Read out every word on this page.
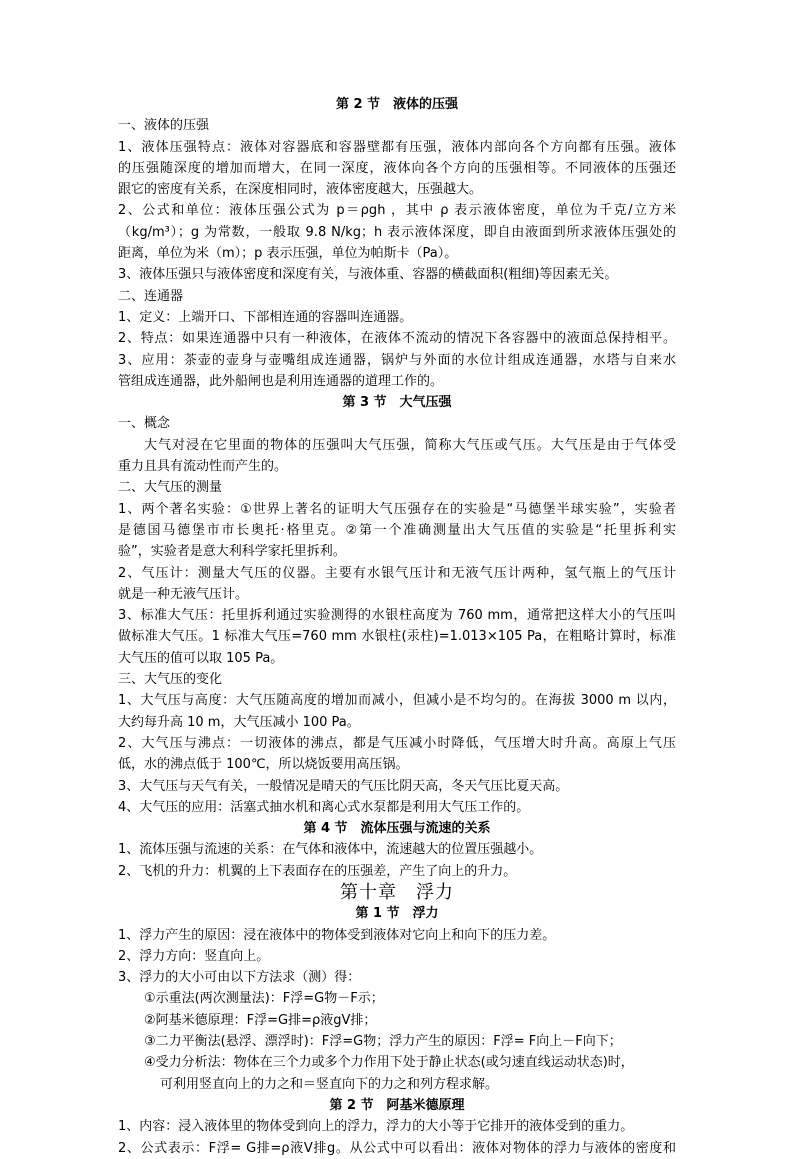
第 2 节　液体的压强

一、液体的压强

1、液体压强特点：液体对容器底和容器壁都有压强，液体内部向各个方向都有压强。液体

的压强随深度的增加而增大，在同一深度，液体向各个方向的压强相等。不同液体的压强还

跟它的密度有关系，在深度相同时，液体密度越大，压强越大。

2、公式和单位：液体压强公式为 p＝ρgh ，其中 ρ 表示液体密度，单位为千克/立方米

（kg/m³）；g 为常数，一般取 9.8 N/kg；h 表示液体深度，即自由液面到所求液体压强处的

距离，单位为米（m）；p 表示压强，单位为帕斯卡（Pa）。

3、液体压强只与液体密度和深度有关，与液体重、容器的横截面积(粗细)等因素无关。

二、连通器

1、定义：上端开口、下部相连通的容器叫连通器。

2、特点：如果连通器中只有一种液体，在液体不流动的情况下各容器中的液面总保持相平。

3、应用：茶壶的壶身与壶嘴组成连通器，锅炉与外面的水位计组成连通器，水塔与自来水

管组成连通器，此外船闸也是利用连通器的道理工作的。

第 3 节　大气压强

一、概念

大气对浸在它里面的物体的压强叫大气压强，简称大气压或气压。大气压是由于气体受

重力且具有流动性而产生的。

二、大气压的测量

1、两个著名实验：①世界上著名的证明大气压强存在的实验是“马德堡半球实验”，实验者

是德国马德堡市市长奥托·格里克。②第一个准确测量出大气压值的实验是“托里拆利实

验”，实验者是意大利科学家托里拆利。

2、气压计：测量大气压的仪器。主要有水银气压计和无液气压计两种，氢气瓶上的气压计

就是一种无液气压计。

3、标准大气压：托里拆利通过实验测得的水银柱高度为 760 mm，通常把这样大小的气压叫

做标准大气压。1 标准大气压=760 mm 水银柱(汞柱)=1.013×105 Pa，在粗略计算时，标准

大气压的值可以取 105 Pa。

三、大气压的变化

1、大气压与高度：大气压随高度的增加而减小，但减小是不均匀的。在海拔 3000 m 以内，

大约每升高 10 m，大气压减小 100 Pa。

2、大气压与沸点：一切液体的沸点，都是气压减小时降低，气压增大时升高。高原上气压

低，水的沸点低于 100℃，所以烧饭要用高压锅。

3、大气压与天气有关，一般情况是晴天的气压比阴天高，冬天气压比夏天高。

4、大气压的应用：活塞式抽水机和离心式水泵都是利用大气压工作的。

第 4 节　流体压强与流速的关系

1、流体压强与流速的关系：在气体和液体中，流速越大的位置压强越小。

2、飞机的升力：机翼的上下表面存在的压强差，产生了向上的升力。

第十章　浮力

第 1 节　浮力

1、浮力产生的原因：浸在液体中的物体受到液体对它向上和向下的压力差。

2、浮力方向：竖直向上。

3、浮力的大小可由以下方法求（测）得：

①示重法(两次测量法)：F浮=G物－F示；

②阿基米德原理：F浮=G排=ρ液gV排；

③二力平衡法(悬浮、漂浮时)：F浮=G物；浮力产生的原因：F浮= F向上－F向下；

④受力分析法：物体在三个力或多个力作用下处于静止状态(或匀速直线运动状态)时，

可利用竖直向上的力之和＝竖直向下的力之和列方程求解。

第 2 节　阿基米德原理

1、内容：浸入液体里的物体受到向上的浮力，浮力的大小等于它排开的液体受到的重力。

2、公式表示：F浮= G排=ρ液V排g。从公式中可以看出：液体对物体的浮力与液体的密度和
